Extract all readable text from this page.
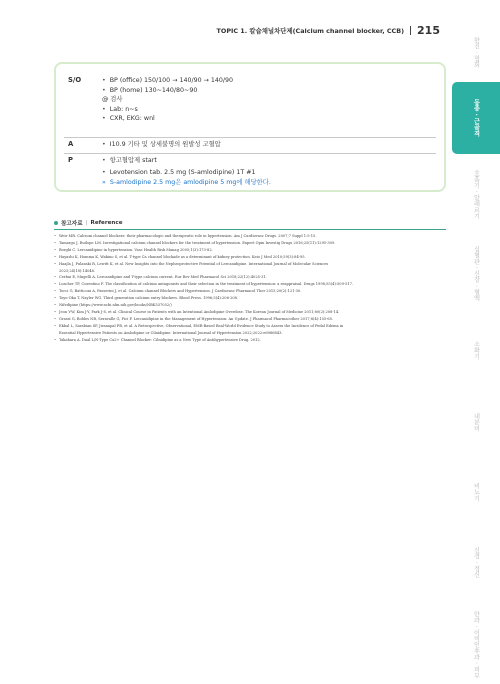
TOPIC 1. 칼슘채널차단제(Calcium channel blocker, CCB) 215
S/O	• BP (office) 150/100 → 140/90 → 140/90
• BP (home) 130~140/80~90
@ 검사
• Lab: n~s
• CXR, EKG: wnl

A	• I10.9 기타 및 상세불명의 원발성 고혈압

P	• 항고혈압제 start
• Levotension tab. 2.5 mg (S-amlodipine) 1T #1
» S-amlodipine 2.5 mg은 amlodipine 5 mg에 해당한다.
참고자료 | Reference
• Weir MR. Calcium channel blockers: their pharmacologic and therapeutic role in hypertension. Am J Cardiovasc Drugs. 2007;7 Suppl 1:5-15.
• Tamargo J, Ruilope LM. Investigational calcium channel blockers for the treatment of hypertension. Expert Opin Investig Drugs 2016;25(11):1295-309.
• Borghi C. Lercanidipine in hypertension. Vasc Health Risk Manag 2005;1(3):173-82.
• Hayashi K, Homma K, Wakino S, et al. T-type Ca channel blockade as a determinant of kidney protection. Keio J Med 2010;59(3):84-95.
• Haajla J, Pulanski R, Lewitt K, et al. New Insights into the Nephroprotective Potential of Lercanidipine. International Journal of Molecular Sciences
2023;24(18):14048.
• Cerbai E, Mugelli A. Lercanidipine and T-type calcium current. Eur Rev Med Pharmacol Sci 2018;22(12):4025-31.
• Luscher TF, Cosentino F. The classification of calcium antagonists and their selection in the treatment of hypertension: a reappraisal. Drugs 1998;55(4):509-517.
• Tocci G, Batticoni A, Passerini J, et al. Calcium channel Blockers and Hypertension. J Cardiovasc Pharmacol Ther 2015;20(2):121-30.
• Toyo-Oka T, Nayler WG. Third generation calcium entry blockers. Blood Press. 1996;5(4):206-208.
• Nifedipine (https://www.ncbi.nlm.nih.gov/books/NBK537052/)
• Jeon Y-W, Kim J-Y, Park J-S, et al. Clinical Course in Patients with an Intentional Amlodipine Overdose. The Korean Journal of Medicine 2011;80(2):208-14.
• Grassi G, Robles NR, Seravalle G, Fici F. Lercanidipine in the Management of Hypertension: An Update. J Pharmacol Pharmacother 2017;8(4):155-65.
• Ekbal L, Sarabian SP, Jiranapal PB, et al. A Retrospective, Observational, EMR-Based Real-World Evidence Study to Assess the Incidence of Pedal Edema in
Essential Hypertensive Patients on Amlodipine or Cilnidipine. International Journal of Hypertension 2022;2022:e6966843.
• Takahara A. Dual L/N-Type Ca2+ Channel Blocker: Cilnidipine as a New Type of Antihypertensive Drug. 2012.
한진 · 협회
동종 · 근골격
호흡기 · 알레르기
심혈관 · 신장 · 혈액
소화기
내분비
비뇨기
신경 · 정신
안과 · 이비인후과 · 피부
